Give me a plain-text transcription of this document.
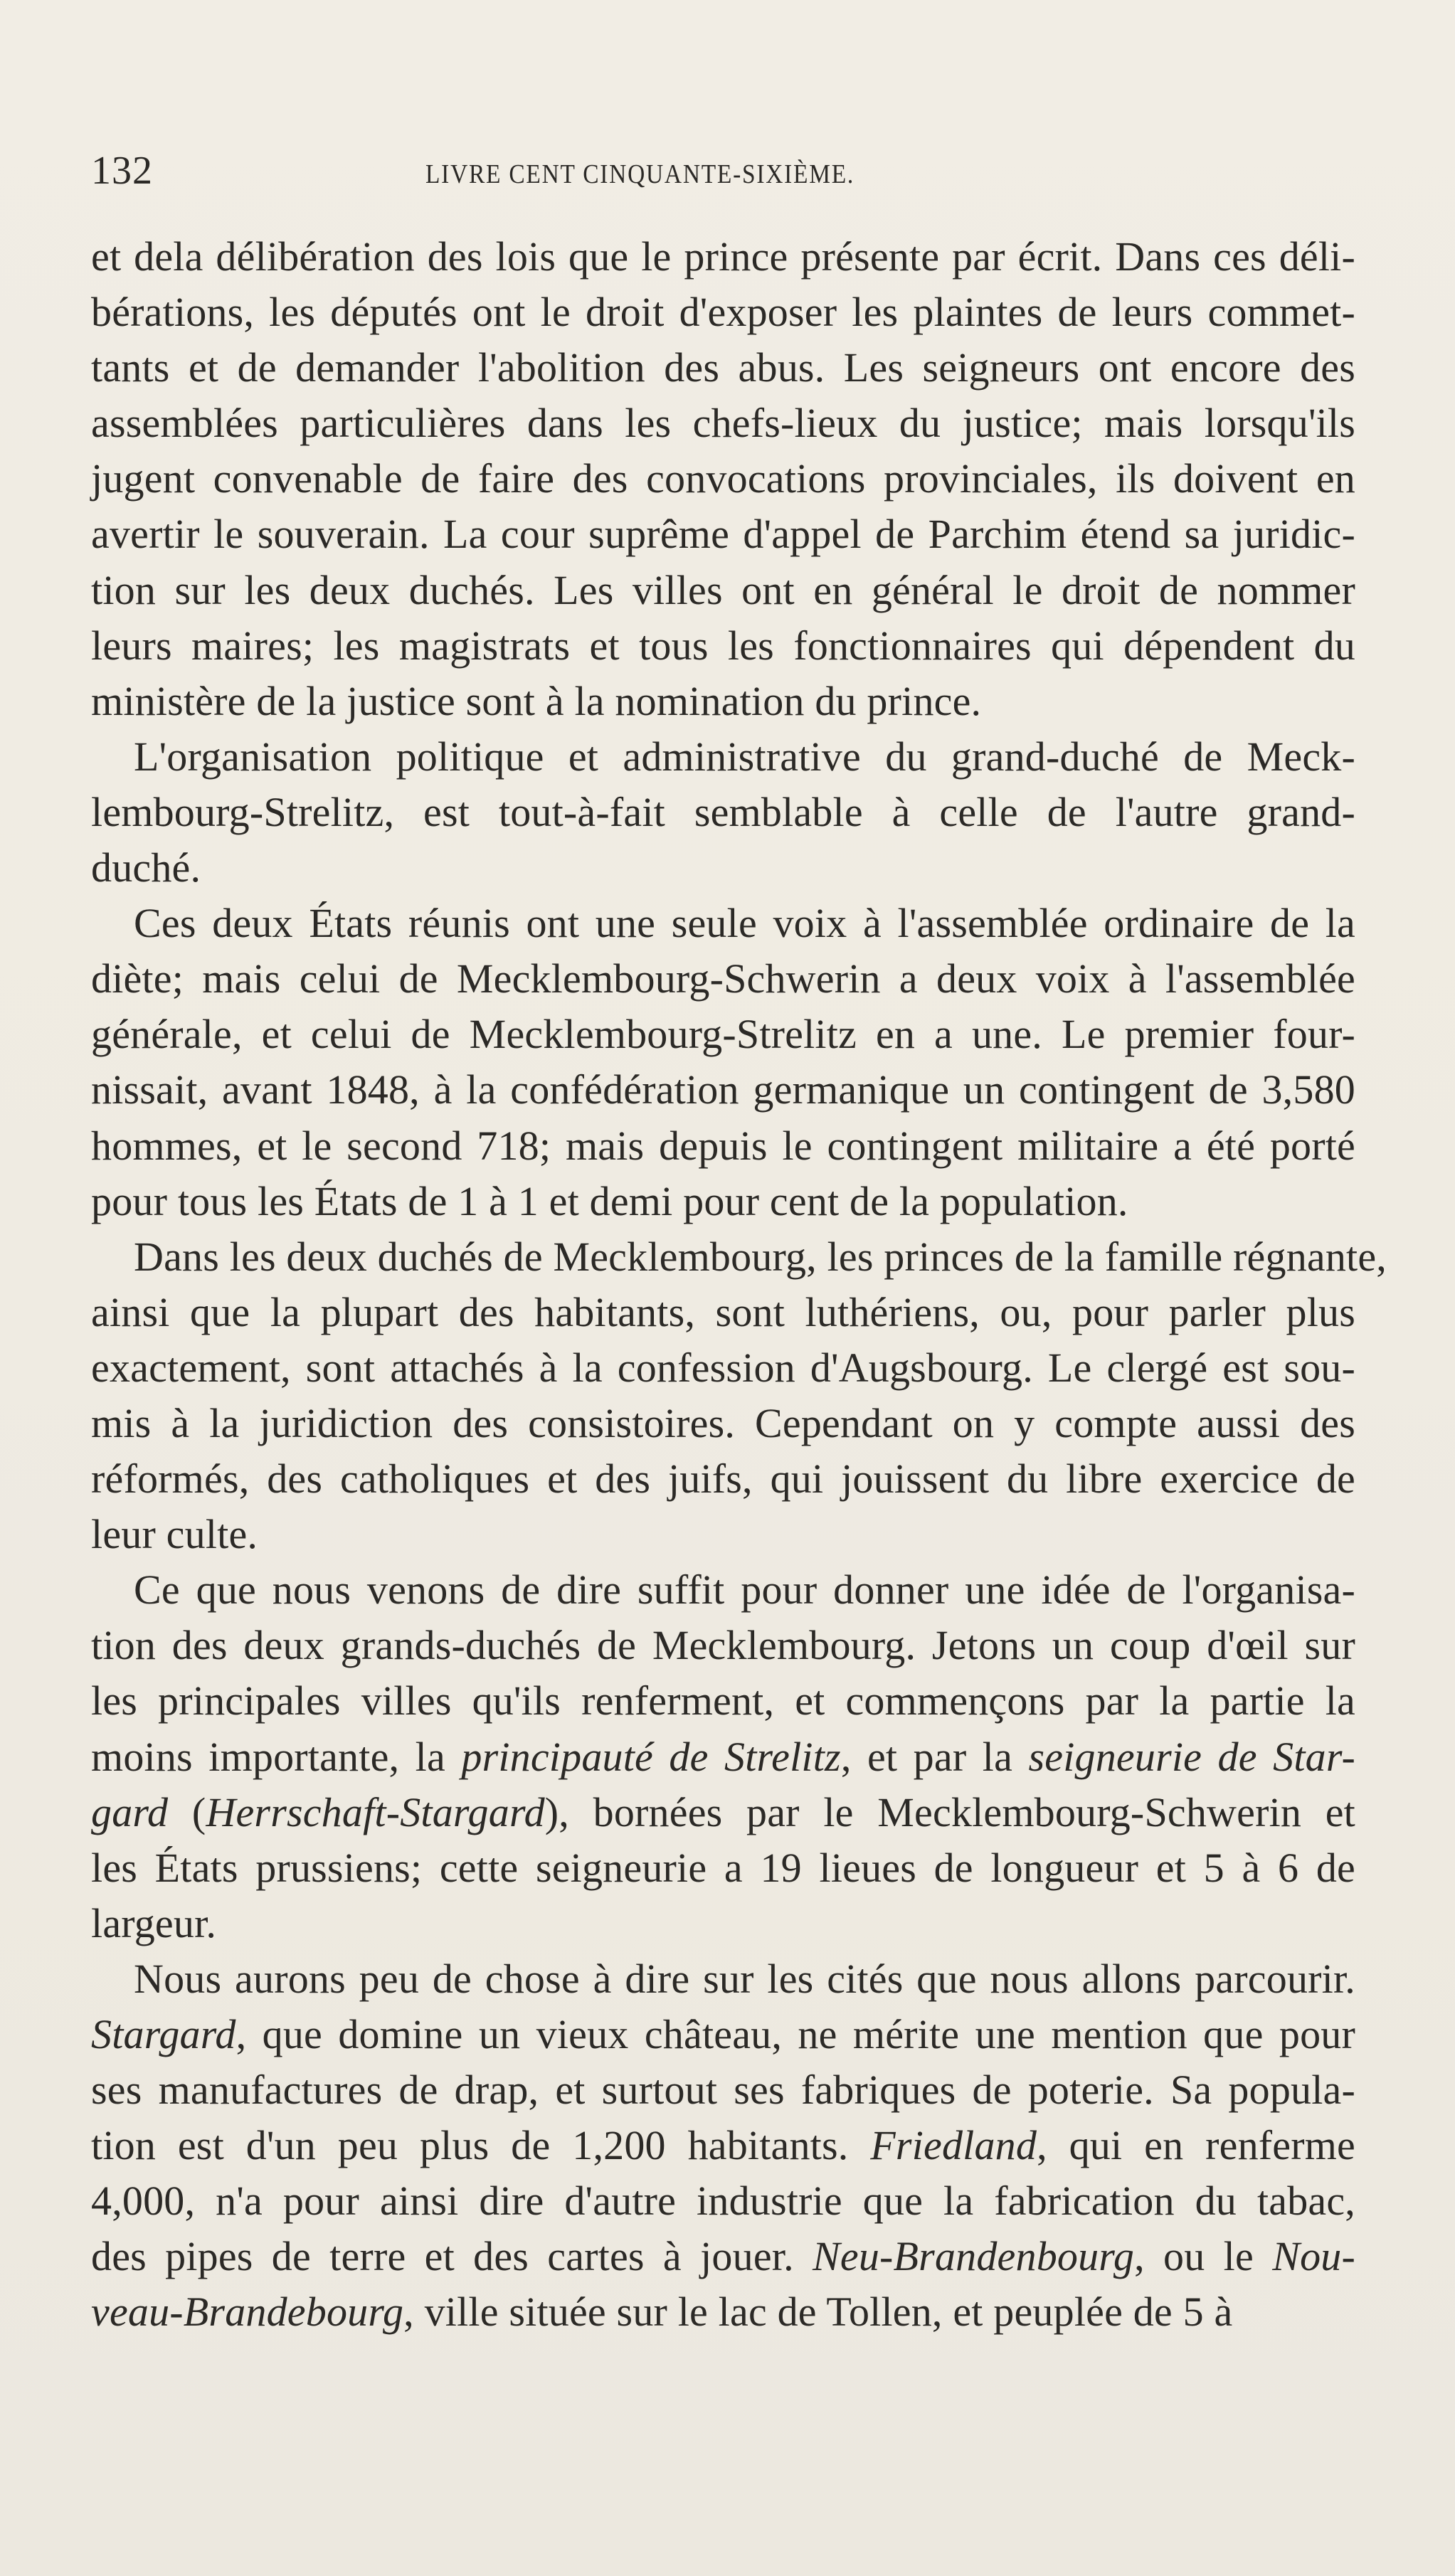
132	LIVRE CENT CINQUANTE-SIXIÈME.
et dela délibération des lois que le prince présente par écrit. Dans ces déli-
bérations, les députés ont le droit d'exposer les plaintes de leurs commet-
tants et de demander l'abolition des abus. Les seigneurs ont encore des
assemblées particulières dans les chefs-lieux du justice; mais lorsqu'ils
jugent convenable de faire des convocations provinciales, ils doivent en
avertir le souverain. La cour suprême d'appel de Parchim étend sa juridic-
tion sur les deux duchés. Les villes ont en général le droit de nommer
leurs maires; les magistrats et tous les fonctionnaires qui dépendent du
ministère de la justice sont à la nomination du prince.
L'organisation politique et administrative du grand-duché de Meck-
lembourg-Strelitz, est tout-à-fait semblable à celle de l'autre grand-
duché.
Ces deux États réunis ont une seule voix à l'assemblée ordinaire de la
diète; mais celui de Mecklembourg-Schwerin a deux voix à l'assemblée
générale, et celui de Mecklembourg-Strelitz en a une. Le premier four-
nissait, avant 1848, à la confédération germanique un contingent de 3,580
hommes, et le second 718; mais depuis le contingent militaire a été porté
pour tous les États de 1 à 1 et demi pour cent de la population.
Dans les deux duchés de Mecklembourg, les princes de la famille régnante,
ainsi que la plupart des habitants, sont luthériens, ou, pour parler plus
exactement, sont attachés à la confession d'Augsbourg. Le clergé est sou-
mis à la juridiction des consistoires. Cependant on y compte aussi des
réformés, des catholiques et des juifs, qui jouissent du libre exercice de
leur culte.
Ce que nous venons de dire suffit pour donner une idée de l'organisa-
tion des deux grands-duchés de Mecklembourg. Jetons un coup d'œil sur
les principales villes qu'ils renferment, et commençons par la partie la
moins importante, la principauté de Strelitz, et par la seigneurie de Star-
gard (Herrschaft-Stargard), bornées par le Mecklembourg-Schwerin et
les États prussiens; cette seigneurie a 19 lieues de longueur et 5 à 6 de
largeur.
Nous aurons peu de chose à dire sur les cités que nous allons parcourir.
Stargard, que domine un vieux château, ne mérite une mention que pour
ses manufactures de drap, et surtout ses fabriques de poterie. Sa popula-
tion est d'un peu plus de 1,200 habitants. Friedland, qui en renferme
4,000, n'a pour ainsi dire d'autre industrie que la fabrication du tabac,
des pipes de terre et des cartes à jouer. Neu-Brandenbourg, ou le Nou-
veau-Brandebourg, ville située sur le lac de Tollen, et peuplée de 5 à
